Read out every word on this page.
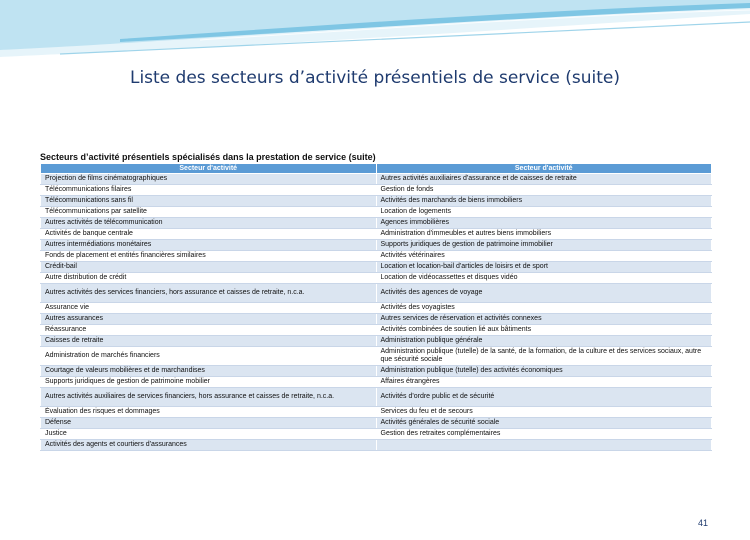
Liste des secteurs d’activité présentiels de service (suite)
Secteurs d’activité présentiels spécialisés dans la prestation de service (suite)
Secteur d'activité	Secteur d'activité
Projection de films cinématographiques	Autres activités auxiliaires d'assurance et de caisses de retraite
Télécommunications filaires	Gestion de fonds
Télécommunications sans fil	Activités des marchands de biens immobiliers
Télécommunications par satellite	Location de logements
Autres activités de télécommunication	Agences immobilières
Activités de banque centrale	Administration d'immeubles et autres biens immobiliers
Autres intermédiations monétaires	Supports juridiques de gestion de patrimoine immobilier
Fonds de placement et entités financières similaires	Activités vétérinaires
Crédit-bail	Location et location-bail d'articles de loisirs et de sport
Autre distribution de crédit	Location de vidéocassettes et disques vidéo
Autres activités des services financiers, hors assurance et caisses de retraite, n.c.a.	Activités des agences de voyage
Assurance vie	Activités des voyagistes
Autres assurances	Autres services de réservation et activités connexes
Réassurance	Activités combinées de soutien lié aux bâtiments
Caisses de retraite	Administration publique générale
Administration de marchés financiers	Administration publique (tutelle) de la santé, de la formation, de la culture et des services sociaux, autre que sécurité sociale
Courtage de valeurs mobilières et de marchandises	Administration publique (tutelle) des activités économiques
Supports juridiques de gestion de patrimoine mobilier	Affaires étrangères
Autres activités auxiliaires de services financiers, hors assurance et caisses de retraite, n.c.a.	Activités d'ordre public et de sécurité
Évaluation des risques et dommages	Services du feu et de secours
Défense	Activités générales de sécurité sociale
Justice	Gestion des retraites complémentaires
Activités des agents et courtiers d'assurances	
41
